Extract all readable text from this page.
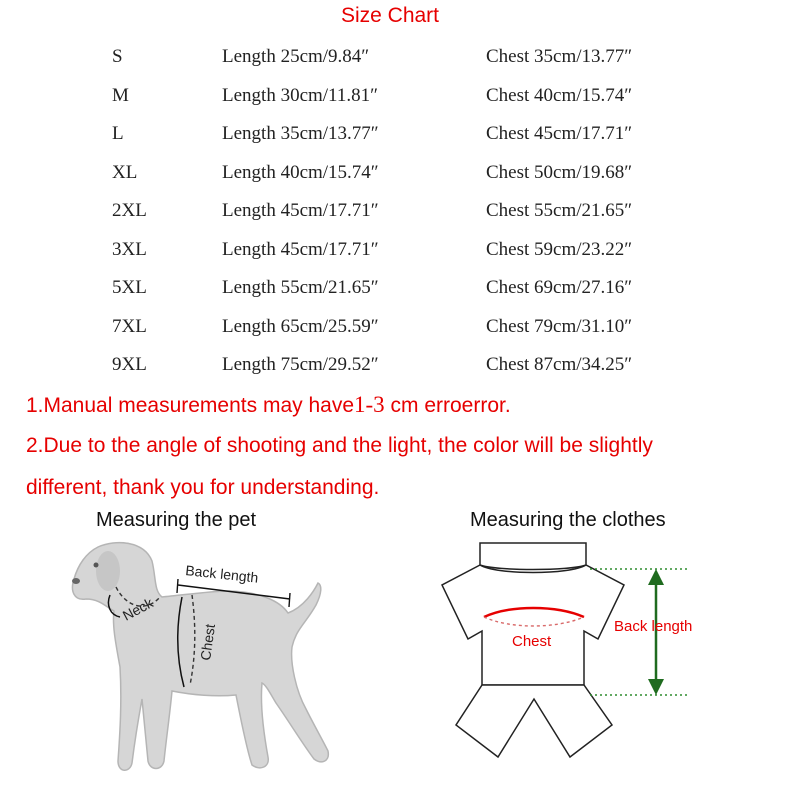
Size Chart
S	Length 25cm/9.84″	Chest 35cm/13.77″
M	Length 30cm/11.81″	Chest 40cm/15.74″
L	Length 35cm/13.77″	Chest 45cm/17.71″
XL	Length 40cm/15.74″	Chest 50cm/19.68″
2XL	Length 45cm/17.71″	Chest 55cm/21.65″
3XL	Length 45cm/17.71″	Chest 59cm/23.22″
5XL	Length 55cm/21.65″	Chest 69cm/27.16″
7XL	Length 65cm/25.59″	Chest 79cm/31.10″
9XL	Length 75cm/29.52″	Chest 87cm/34.25″
1.Manual measurements may have1-3 cm erroerror.
2.Due to the angle of shooting and the light, the color will be slightly
different, thank you for understanding.
Measuring the pet
Back length
Neck
Chest
Measuring the clothes
Chest
Back length
